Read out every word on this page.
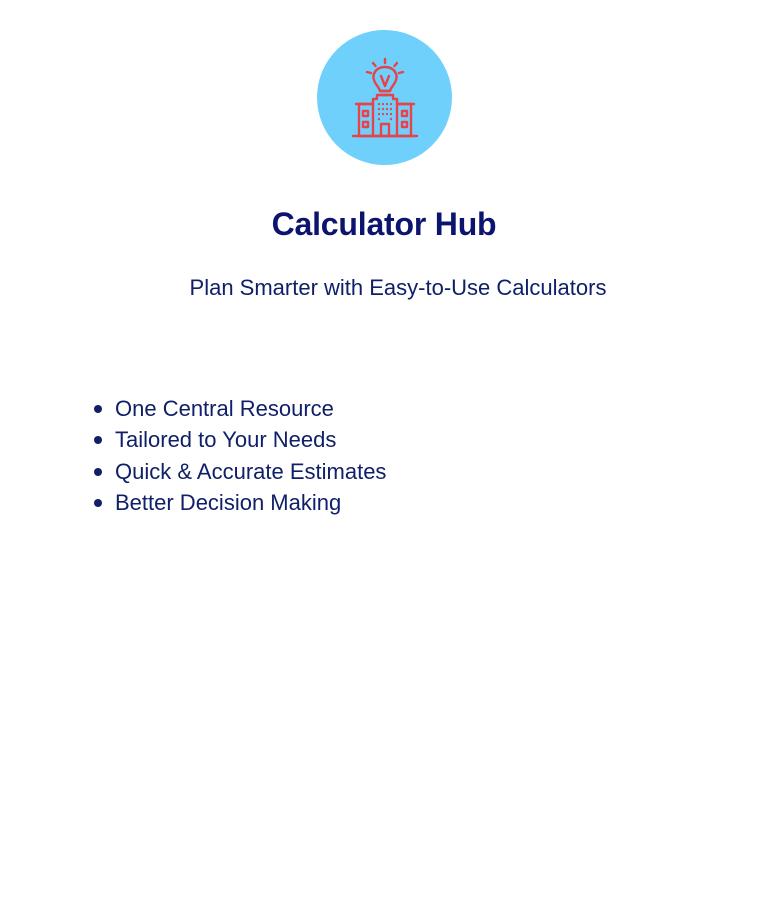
Calculator Hub
Plan Smarter with Easy-to-Use Calculators
One Central Resource
Tailored to Your Needs
Quick & Accurate Estimates
Better Decision Making
